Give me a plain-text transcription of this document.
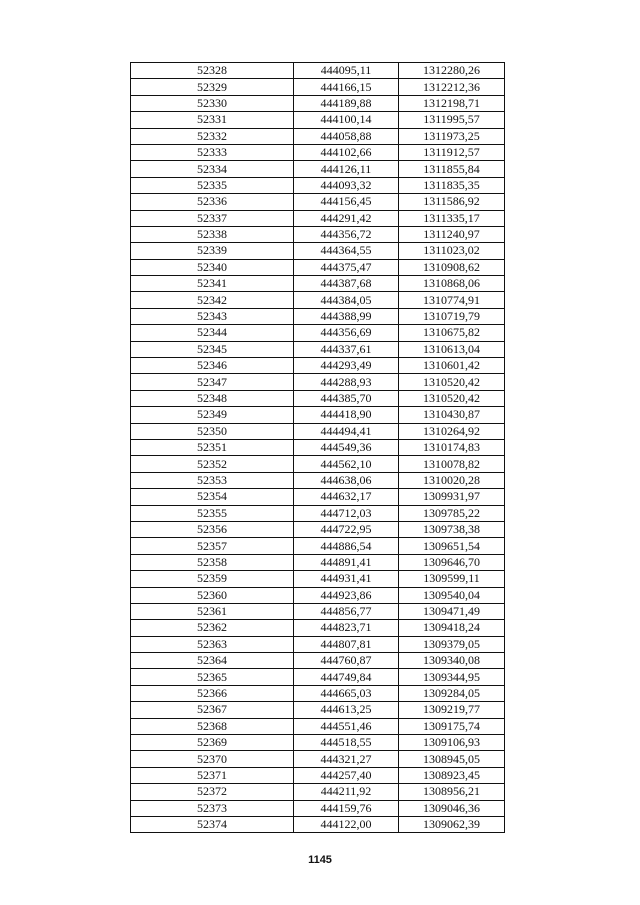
52328	444095,11	1312280,26
52329	444166,15	1312212,36
52330	444189,88	1312198,71
52331	444100,14	1311995,57
52332	444058,88	1311973,25
52333	444102,66	1311912,57
52334	444126,11	1311855,84
52335	444093,32	1311835,35
52336	444156,45	1311586,92
52337	444291,42	1311335,17
52338	444356,72	1311240,97
52339	444364,55	1311023,02
52340	444375,47	1310908,62
52341	444387,68	1310868,06
52342	444384,05	1310774,91
52343	444388,99	1310719,79
52344	444356,69	1310675,82
52345	444337,61	1310613,04
52346	444293,49	1310601,42
52347	444288,93	1310520,42
52348	444385,70	1310520,42
52349	444418,90	1310430,87
52350	444494,41	1310264,92
52351	444549,36	1310174,83
52352	444562,10	1310078,82
52353	444638,06	1310020,28
52354	444632,17	1309931,97
52355	444712,03	1309785,22
52356	444722,95	1309738,38
52357	444886,54	1309651,54
52358	444891,41	1309646,70
52359	444931,41	1309599,11
52360	444923,86	1309540,04
52361	444856,77	1309471,49
52362	444823,71	1309418,24
52363	444807,81	1309379,05
52364	444760,87	1309340,08
52365	444749,84	1309344,95
52366	444665,03	1309284,05
52367	444613,25	1309219,77
52368	444551,46	1309175,74
52369	444518,55	1309106,93
52370	444321,27	1308945,05
52371	444257,40	1308923,45
52372	444211,92	1308956,21
52373	444159,76	1309046,36
52374	444122,00	1309062,39
1145
